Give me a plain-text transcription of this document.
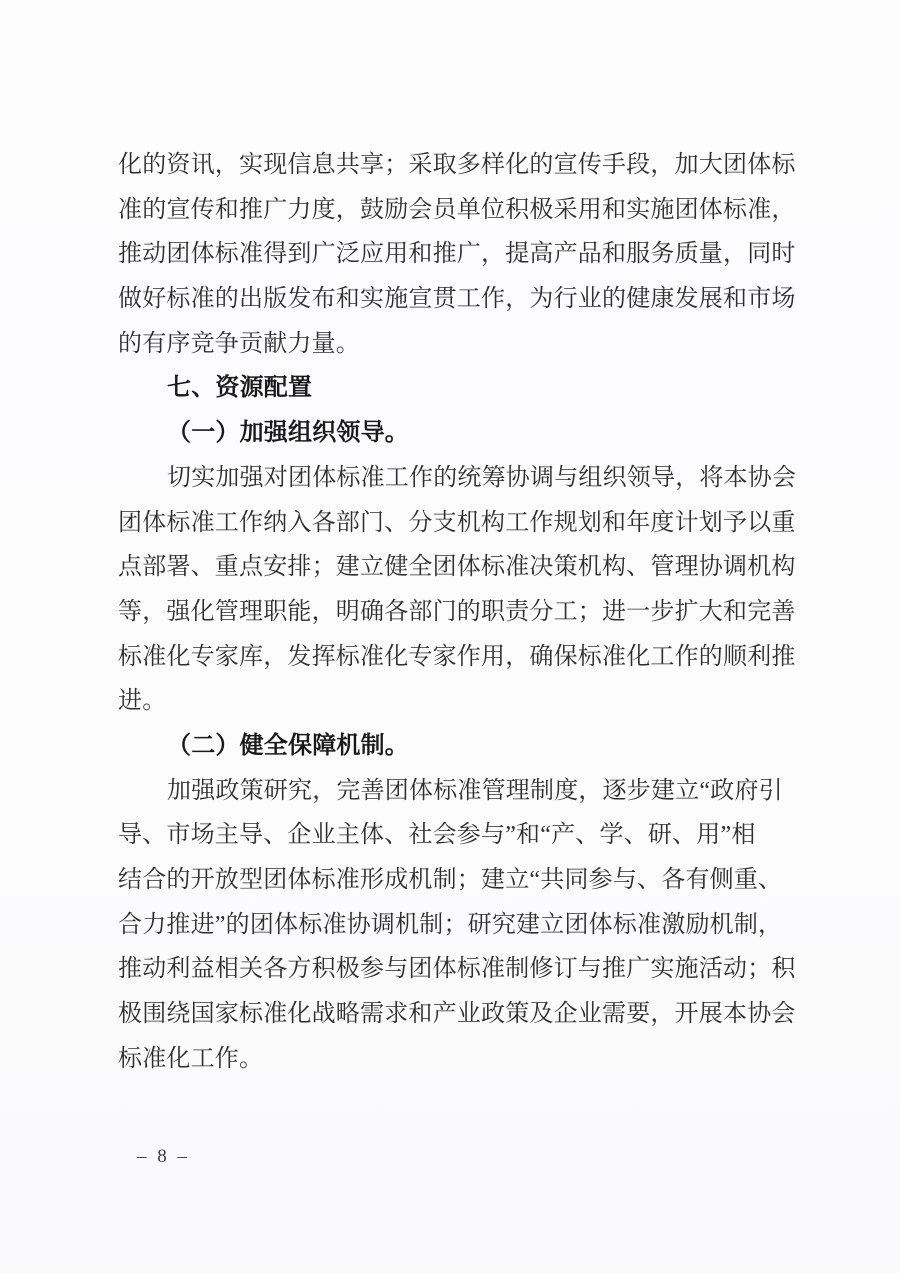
化的资讯，实现信息共享；采取多样化的宣传手段，加大团体标
准的宣传和推广力度，鼓励会员单位积极采用和实施团体标准，
推动团体标准得到广泛应用和推广，提高产品和服务质量，同时
做好标准的出版发布和实施宣贯工作，为行业的健康发展和市场
的有序竞争贡献力量。
七、资源配置
（一）加强组织领导。
切实加强对团体标准工作的统筹协调与组织领导，将本协会
团体标准工作纳入各部门、分支机构工作规划和年度计划予以重
点部署、重点安排；建立健全团体标准决策机构、管理协调机构
等，强化管理职能，明确各部门的职责分工；进一步扩大和完善
标准化专家库，发挥标准化专家作用，确保标准化工作的顺利推
进。
（二）健全保障机制。
加强政策研究，完善团体标准管理制度，逐步建立“政府引
导、市场主导、企业主体、社会参与”和“产、学、研、用”相
结合的开放型团体标准形成机制；建立“共同参与、各有侧重、
合力推进”的团体标准协调机制；研究建立团体标准激励机制，
推动利益相关各方积极参与团体标准制修订与推广实施活动；积
极围绕国家标准化战略需求和产业政策及企业需要，开展本协会
标准化工作。
– 8 –
